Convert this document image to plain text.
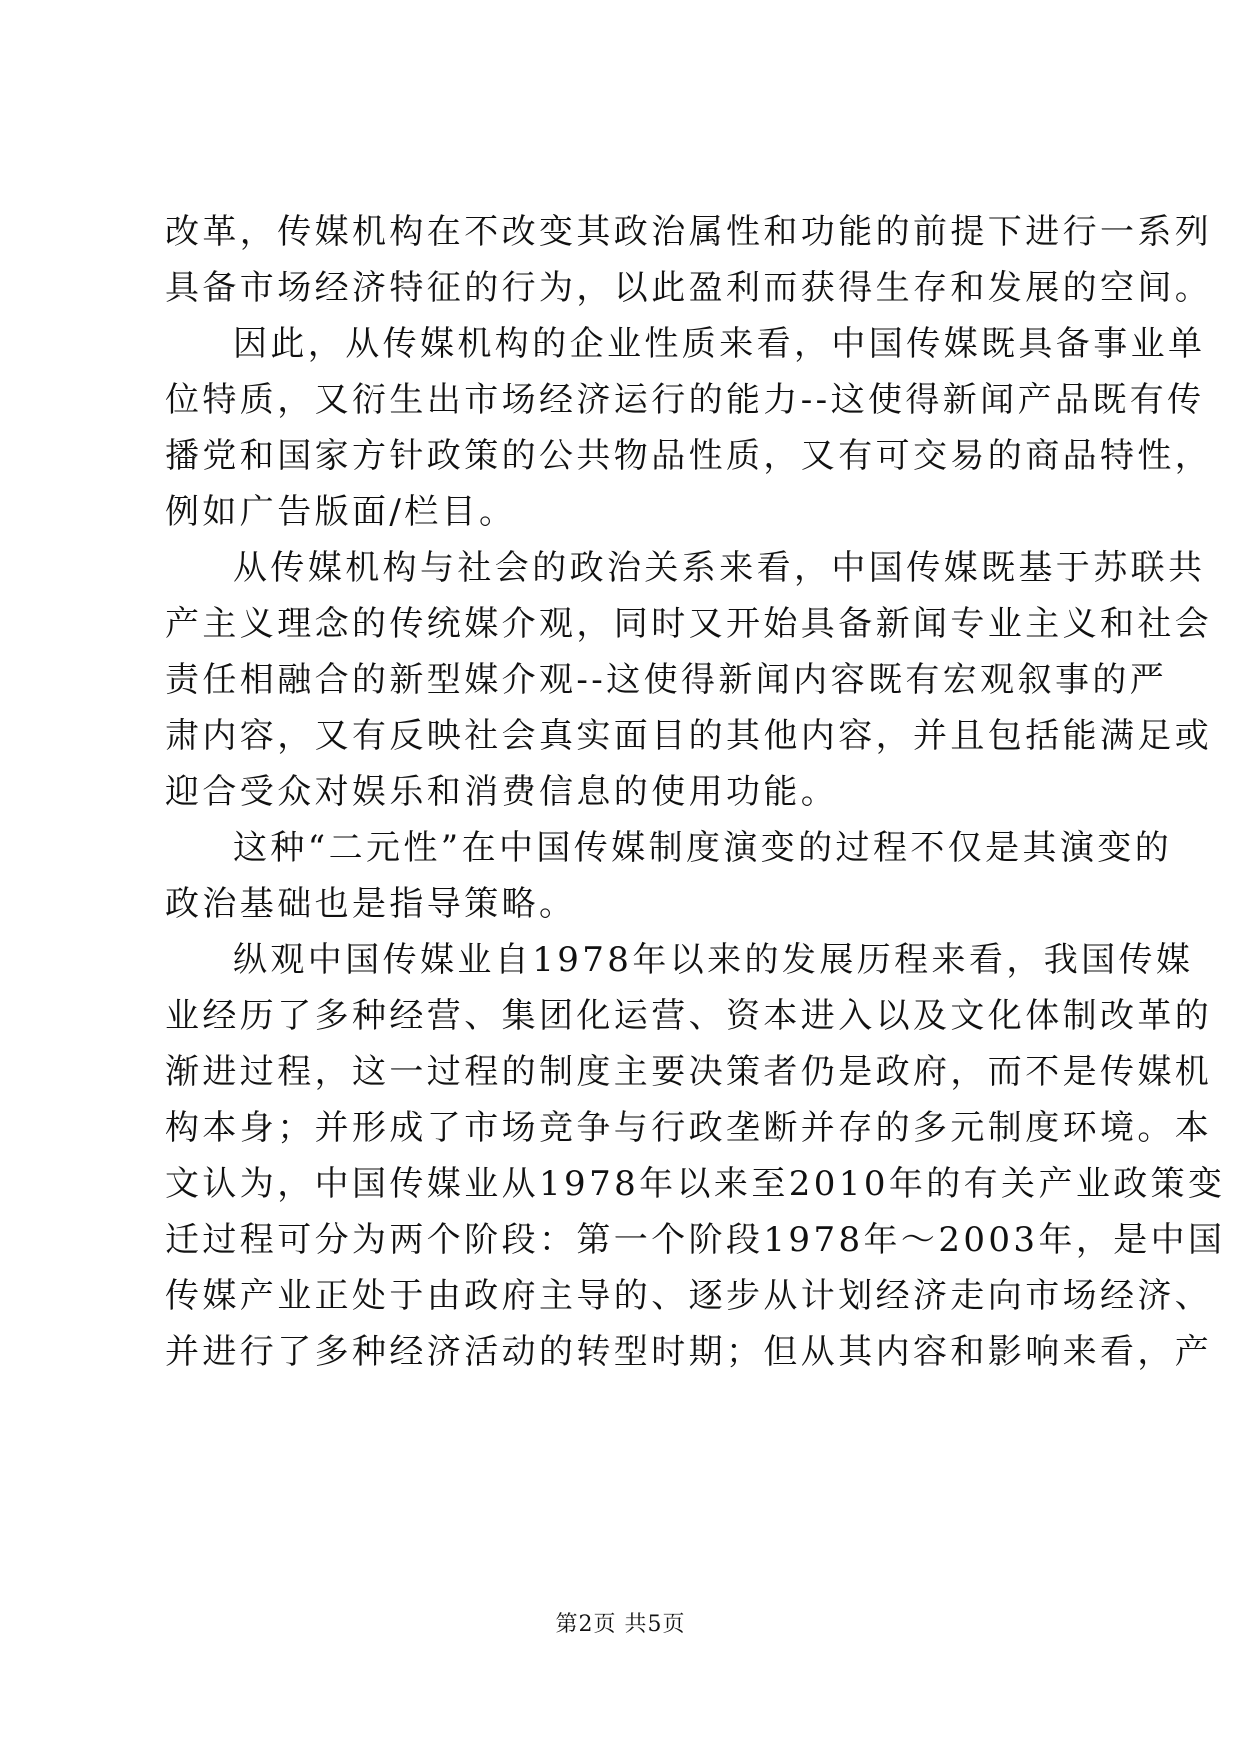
改革，传媒机构在不改变其政治属性和功能的前提下进行一系列
具备市场经济特征的行为，以此盈利而获得生存和发展的空间。
因此，从传媒机构的企业性质来看，中国传媒既具备事业单
位特质，又衍生出市场经济运行的能力--这使得新闻产品既有传
播党和国家方针政策的公共物品性质，又有可交易的商品特性，
例如广告版面/栏目。
从传媒机构与社会的政治关系来看，中国传媒既基于苏联共
产主义理念的传统媒介观，同时又开始具备新闻专业主义和社会
责任相融合的新型媒介观--这使得新闻内容既有宏观叙事的严
肃内容，又有反映社会真实面目的其他内容，并且包括能满足或
迎合受众对娱乐和消费信息的使用功能。
这种“二元性”在中国传媒制度演变的过程不仅是其演变的
政治基础也是指导策略。
纵观中国传媒业自1978年以来的发展历程来看，我国传媒
业经历了多种经营、集团化运营、资本进入以及文化体制改革的
渐进过程，这一过程的制度主要决策者仍是政府，而不是传媒机
构本身；并形成了市场竞争与行政垄断并存的多元制度环境。本
文认为，中国传媒业从1978年以来至2010年的有关产业政策变
迁过程可分为两个阶段：第一个阶段1978年～2003年，是中国
传媒产业正处于由政府主导的、逐步从计划经济走向市场经济、
并进行了多种经济活动的转型时期；但从其内容和影响来看，产
第2页 共5页
